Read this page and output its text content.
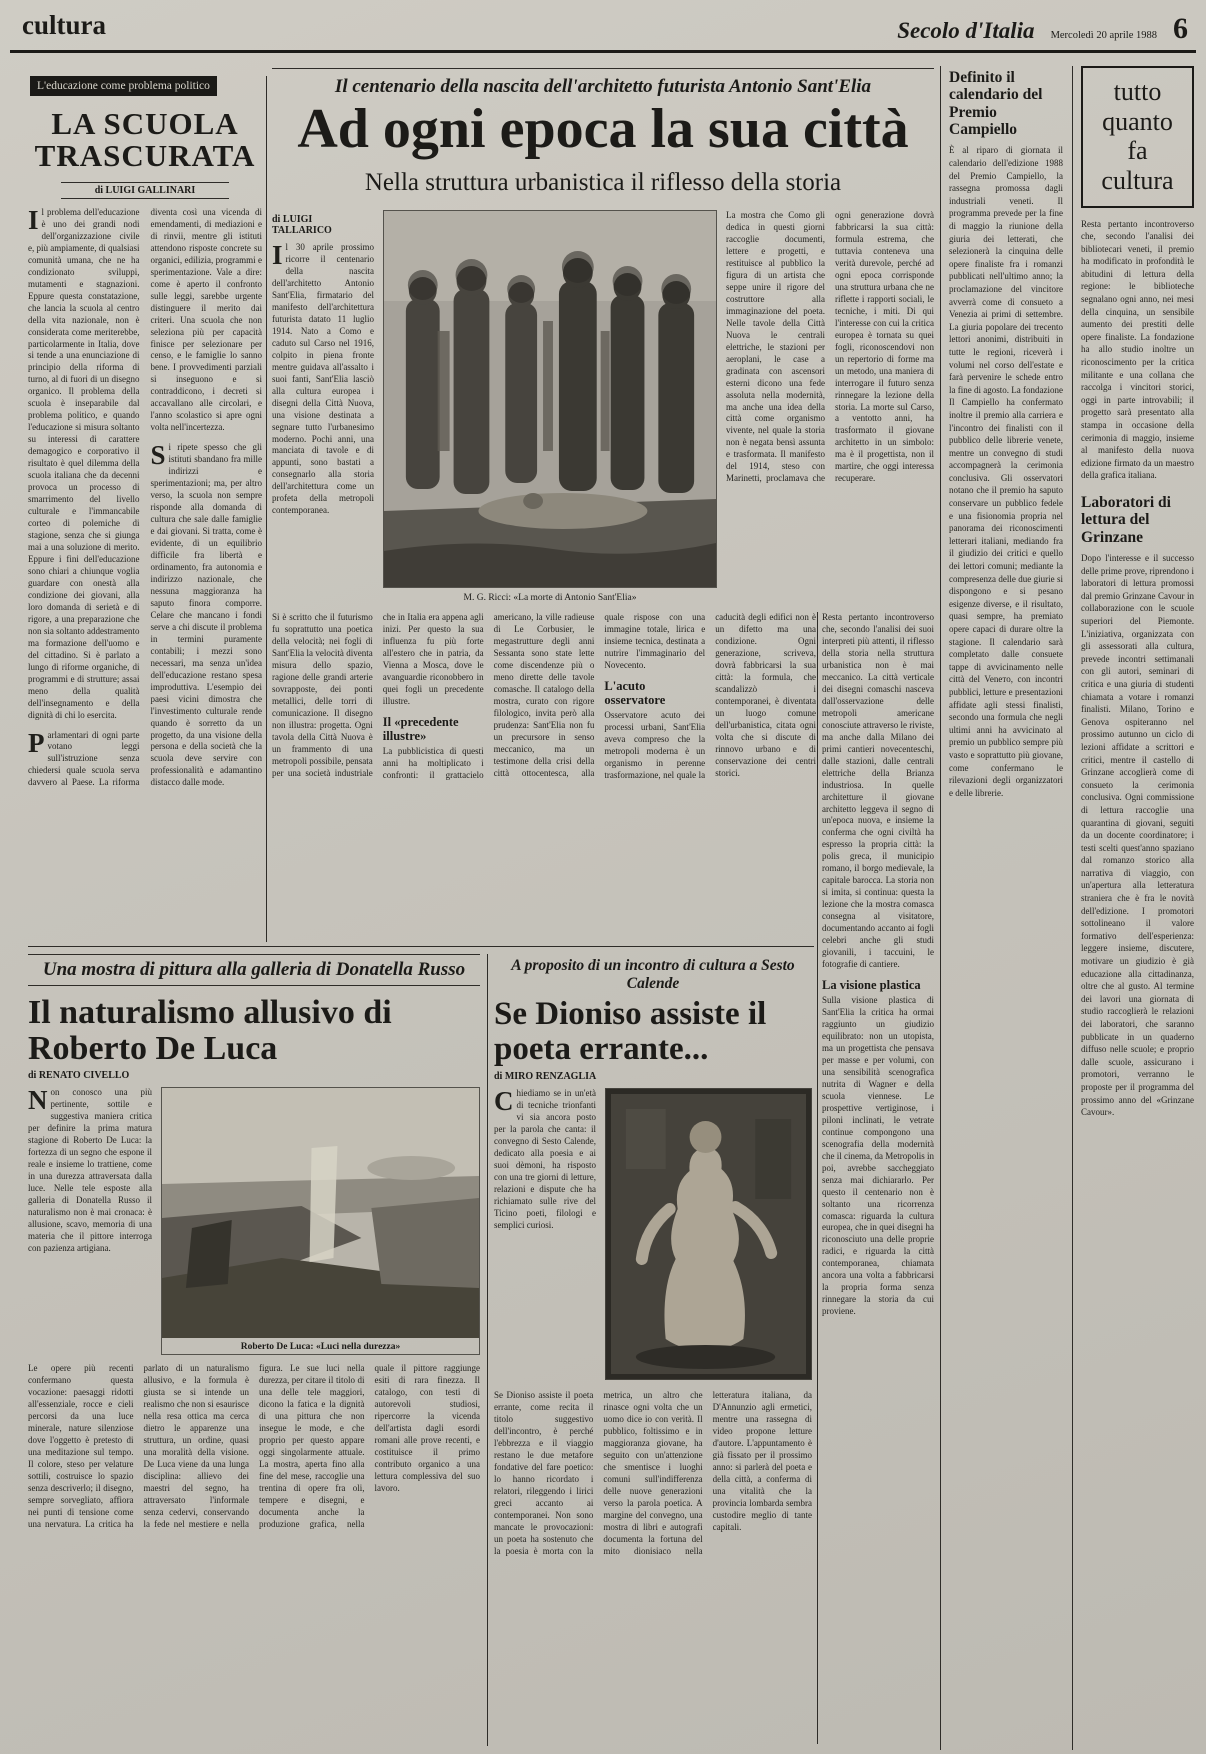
cultura	Secolo d'Italia Mercoledì 20 aprile 1988 6
L'educazione come problema politico
LA SCUOLA TRASCURATA
di LUIGI GALLINARI
Il problema dell'educazione è uno dei grandi nodi dell'organizzazione civile e, più ampiamente, di qualsiasi comunità umana, che ne ha condizionato sviluppi, mutamenti e stagnazioni. Eppure questa constatazione, che lancia la scuola al centro della vita nazionale, non è considerata come meriterebbe, particolarmente in Italia, dove si tende a una enunciazione di principio della riforma di turno, al di fuori di un disegno organico. Il problema della scuola è inseparabile dal problema politico, e quando l'educazione si misura soltanto su interessi di carattere demagogico e corporativo il risultato è quel dilemma della scuola italiana che da decenni provoca un processo di smarrimento del livello culturale e l'immancabile corteo di polemiche di stagione, senza che si giunga mai a una soluzione di merito. Eppure i fini dell'educazione sono chiari a chiunque voglia guardare con onestà alla condizione dei giovani, alla loro domanda di serietà e di rigore, a una preparazione che non sia soltanto addestramento ma formazione dell'uomo e del cittadino. Si è parlato a lungo di riforme organiche, di programmi e di strutture; assai meno della qualità dell'insegnamento e della dignità di chi lo esercita.
Parlamentari di ogni parte votano leggi sull'istruzione senza chiedersi quale scuola serva davvero al Paese. La riforma diventa così una vicenda di emendamenti, di mediazioni e di rinvii, mentre gli istituti attendono risposte concrete su organici, edilizia, programmi e sperimentazione. Vale a dire: come è aperto il confronto sulle leggi, sarebbe urgente distinguere il merito dai criteri. Una scuola che non seleziona più per capacità finisce per selezionare per censo, e le famiglie lo sanno bene. I provvedimenti parziali si inseguono e si contraddicono, i decreti si accavallano alle circolari, e l'anno scolastico si apre ogni volta nell'incertezza.
Si ripete spesso che gli istituti sbandano fra mille indirizzi e sperimentazioni; ma, per altro verso, la scuola non sempre risponde alla domanda di cultura che sale dalle famiglie e dai giovani. Si tratta, come è evidente, di un equilibrio difficile fra libertà e ordinamento, fra autonomia e indirizzo nazionale, che nessuna maggioranza ha saputo finora comporre. Celare che mancano i fondi serve a chi discute il problema in termini puramente contabili; i mezzi sono necessari, ma senza un'idea dell'educazione restano spesa improduttiva. L'esempio dei paesi vicini dimostra che l'investimento culturale rende quando è sorretto da un progetto, da una visione della persona e della società che la scuola deve servire con professionalità e adamantino distacco dalle mode.
Il centenario della nascita dell'architetto futurista Antonio Sant'Elia
Ad ogni epoca la sua città
Nella struttura urbanistica il riflesso della storia
di LUIGI TALLARICO
Il 30 aprile prossimo ricorre il centenario della nascita dell'architetto Antonio Sant'Elia, firmatario del manifesto dell'architettura futurista datato 11 luglio 1914. Nato a Como e caduto sul Carso nel 1916, colpito in piena fronte mentre guidava all'assalto i suoi fanti, Sant'Elia lasciò alla cultura europea i disegni della Città Nuova, una visione destinata a segnare tutto l'urbanesimo moderno. Pochi anni, una manciata di tavole e di appunti, sono bastati a consegnarlo alla storia dell'architettura come un profeta della metropoli contemporanea.
La mostra che Como gli dedica in questi giorni raccoglie documenti, lettere e progetti, e restituisce al pubblico la figura di un artista che seppe unire il rigore del costruttore alla immaginazione del poeta. Nelle tavole della Città Nuova le centrali elettriche, le stazioni per aeroplani, le case a gradinata con ascensori esterni dicono una fede assoluta nella modernità, ma anche una idea della città come organismo vivente, nel quale la storia non è negata bensì assunta e trasformata. Il manifesto del 1914, steso con Marinetti, proclamava che ogni generazione dovrà fabbricarsi la sua città: formula estrema, che tuttavia conteneva una verità durevole, perché ad ogni epoca corrisponde una struttura urbana che ne riflette i rapporti sociali, le tecniche, i miti. Di qui l'interesse con cui la critica europea è tornata su quei fogli, riconoscendovi non un repertorio di forme ma un metodo, una maniera di interrogare il futuro senza rinnegare la lezione della storia. La morte sul Carso, a ventotto anni, ha trasformato il giovane architetto in un simbolo: ma è il progettista, non il martire, che oggi interessa recuperare.
M. G. Ricci: «La morte di Antonio Sant'Elia»
Si è scritto che il futurismo fu soprattutto una poetica della velocità; nei fogli di Sant'Elia la velocità diventa misura dello spazio, ragione delle grandi arterie sovrapposte, dei ponti metallici, delle torri di comunicazione. Il disegno non illustra: progetta. Ogni tavola della Città Nuova è un frammento di una metropoli possibile, pensata per una società industriale che in Italia era appena agli inizi. Per questo la sua influenza fu più forte all'estero che in patria, da Vienna a Mosca, dove le avanguardie riconobbero in quei fogli un precedente illustre.
Il «precedente illustre»
La pubblicistica di questi anni ha moltiplicato i confronti: il grattacielo americano, la ville radieuse di Le Corbusier, le megastrutture degli anni Sessanta sono state lette come discendenze più o meno dirette delle tavole comasche. Il catalogo della mostra, curato con rigore filologico, invita però alla prudenza: Sant'Elia non fu un precursore in senso meccanico, ma un testimone della crisi della città ottocentesca, alla quale rispose con una immagine totale, lirica e insieme tecnica, destinata a nutrire l'immaginario del Novecento.
L'acuto osservatore
Osservatore acuto dei processi urbani, Sant'Elia aveva compreso che la metropoli moderna è un organismo in perenne trasformazione, nel quale la caducità degli edifici non è un difetto ma una condizione. Ogni generazione, scriveva, dovrà fabbricarsi la sua città: la formula, che scandalizzò i contemporanei, è diventata un luogo comune dell'urbanistica, citata ogni volta che si discute di rinnovo urbano e di conservazione dei centri storici.
Resta pertanto incontroverso che, secondo l'analisi dei suoi interpreti più attenti, il riflesso della storia nella struttura urbanistica non è mai meccanico. La città verticale dei disegni comaschi nasceva dall'osservazione delle metropoli americane conosciute attraverso le riviste, ma anche dalla Milano dei primi cantieri novecenteschi, dalle stazioni, dalle centrali elettriche della Brianza industriosa. In quelle architetture il giovane architetto leggeva il segno di un'epoca nuova, e insieme la conferma che ogni civiltà ha espresso la propria città: la polis greca, il municipio romano, il borgo medievale, la capitale barocca. La storia non si imita, si continua: questa la lezione che la mostra comasca consegna al visitatore, documentando accanto ai fogli celebri anche gli studi giovanili, i taccuini, le fotografie di cantiere.
La visione plastica
Sulla visione plastica di Sant'Elia la critica ha ormai raggiunto un giudizio equilibrato: non un utopista, ma un progettista che pensava per masse e per volumi, con una sensibilità scenografica nutrita di Wagner e della scuola viennese. Le prospettive vertiginose, i piloni inclinati, le vetrate continue compongono una scenografia della modernità che il cinema, da Metropolis in poi, avrebbe saccheggiato senza mai dichiararlo. Per questo il centenario non è soltanto una ricorrenza comasca: riguarda la cultura europea, che in quei disegni ha riconosciuto una delle proprie radici, e riguarda la città contemporanea, chiamata ancora una volta a fabbricarsi la propria forma senza rinnegare la storia da cui proviene.
Una mostra di pittura alla galleria di Donatella Russo
Il naturalismo allusivo di Roberto De Luca
di RENATO CIVELLO
Non conosco una più pertinente, sottile e suggestiva maniera critica per definire la prima matura stagione di Roberto De Luca: la fortezza di un segno che espone il reale e insieme lo trattiene, come in una durezza attraversata dalla luce. Nelle tele esposte alla galleria di Donatella Russo il naturalismo non è mai cronaca: è allusione, scavo, memoria di una materia che il pittore interroga con pazienza artigiana.
Roberto De Luca: «Luci nella durezza»
Le opere più recenti confermano questa vocazione: paesaggi ridotti all'essenziale, rocce e cieli percorsi da una luce minerale, nature silenziose dove l'oggetto è pretesto di una meditazione sul tempo. Il colore, steso per velature sottili, costruisce lo spazio senza descriverlo; il disegno, sempre sorvegliato, affiora nei punti di tensione come una nervatura. La critica ha parlato di un naturalismo allusivo, e la formula è giusta se si intende un realismo che non si esaurisce nella resa ottica ma cerca dietro le apparenze una struttura, un ordine, quasi una moralità della visione. De Luca viene da una lunga disciplina: allievo dei maestri del segno, ha attraversato l'informale senza cedervi, conservando la fede nel mestiere e nella figura. Le sue luci nella durezza, per citare il titolo di una delle tele maggiori, dicono la fatica e la dignità di una pittura che non insegue le mode, e che proprio per questo appare oggi singolarmente attuale. La mostra, aperta fino alla fine del mese, raccoglie una trentina di opere fra oli, tempere e disegni, e documenta anche la produzione grafica, nella quale il pittore raggiunge esiti di rara finezza. Il catalogo, con testi di autorevoli studiosi, ripercorre la vicenda dell'artista dagli esordi romani alle prove recenti, e costituisce il primo contributo organico a una lettura complessiva del suo lavoro.
A proposito di un incontro di cultura a Sesto Calende
Se Dioniso assiste il poeta errante...
di MIRO RENZAGLIA
Chiediamo se in un'età di tecniche trionfanti vi sia ancora posto per la parola che canta: il convegno di Sesto Calende, dedicato alla poesia e ai suoi dèmoni, ha risposto con una tre giorni di letture, relazioni e dispute che ha richiamato sulle rive del Ticino poeti, filologi e semplici curiosi.
Se Dioniso assiste il poeta errante, come recita il titolo suggestivo dell'incontro, è perché l'ebbrezza e il viaggio restano le due metafore fondative del fare poetico: lo hanno ricordato i relatori, rileggendo i lirici greci accanto ai contemporanei. Non sono mancate le provocazioni: un poeta ha sostenuto che la poesia è morta con la metrica, un altro che rinasce ogni volta che un uomo dice io con verità. Il pubblico, foltissimo e in maggioranza giovane, ha seguito con un'attenzione che smentisce i luoghi comuni sull'indifferenza delle nuove generazioni verso la parola poetica. A margine del convegno, una mostra di libri e autografi documenta la fortuna del mito dionisiaco nella letteratura italiana, da D'Annunzio agli ermetici, mentre una rassegna di video propone letture d'autore. L'appuntamento è già fissato per il prossimo anno: si parlerà del poeta e della città, a conferma di una vitalità che la provincia lombarda sembra custodire meglio di tante capitali.
Definito il calendario del Premio Campiello
È al riparo di giornata il calendario dell'edizione 1988 del Premio Campiello, la rassegna promossa dagli industriali veneti. Il programma prevede per la fine di maggio la riunione della giuria dei letterati, che selezionerà la cinquina delle opere finaliste fra i romanzi pubblicati nell'ultimo anno; la proclamazione del vincitore avverrà come di consueto a Venezia ai primi di settembre. La giuria popolare dei trecento lettori anonimi, distribuiti in tutte le regioni, riceverà i volumi nel corso dell'estate e farà pervenire le schede entro la fine di agosto. La fondazione Il Campiello ha confermato inoltre il premio alla carriera e l'incontro dei finalisti con il pubblico delle librerie venete, mentre un convegno di studi accompagnerà la cerimonia conclusiva. Gli osservatori notano che il premio ha saputo conservare un pubblico fedele e una fisionomia propria nel panorama dei riconoscimenti letterari italiani, mediando fra il giudizio dei critici e quello dei lettori comuni; mediante la compresenza delle due giurie si dispongono e si pesano esigenze diverse, e il risultato, quasi sempre, ha premiato opere capaci di durare oltre la stagione. Il calendario sarà completato dalle consuete tappe di avvicinamento nelle città del Venето, con incontri pubblici, letture e presentazioni affidate agli stessi finalisti, secondo una formula che negli ultimi anni ha avvicinato al premio un pubblico sempre più vasto e soprattutto più giovane, come confermano le rilevazioni degli organizzatori e delle librerie.
tutto
quanto
fa
cultura
Resta pertanto incontroverso che, secondo l'analisi dei bibliotecari veneti, il premio ha modificato in profondità le abitudini di lettura della regione: le biblioteche segnalano ogni anno, nei mesi della cinquina, un sensibile aumento dei prestiti delle opere finaliste. La fondazione ha allo studio inoltre un riconoscimento per la critica militante e una collana che raccolga i vincitori storici, oggi in parte introvabili; il progetto sarà presentato alla stampa in occasione della cerimonia di maggio, insieme al manifesto della nuova edizione firmato da un maestro della grafica italiana.
Laboratori di lettura del Grinzane
Dopo l'interesse e il successo delle prime prove, riprendono i laboratori di lettura promossi dal premio Grinzane Cavour in collaborazione con le scuole superiori del Piemonte. L'iniziativa, organizzata con gli assessorati alla cultura, prevede incontri settimanali con gli autori, seminari di critica e una giuria di studenti chiamata a votare i romanzi finalisti. Milano, Torino e Genova ospiteranno nel prossimo autunno un ciclo di lezioni affidate a scrittori e critici, mentre il castello di Grinzane accoglierà come di consueto la cerimonia conclusiva. Ogni commissione di lettura raccoglie una quarantina di giovani, seguiti da un docente coordinatore; i testi scelti quest'anno spaziano dal romanzo storico alla narrativa di viaggio, con un'apertura alla letteratura straniera che è fra le novità dell'edizione. I promotori sottolineano il valore formativo dell'esperienza: leggere insieme, discutere, motivare un giudizio è già educazione alla cittadinanza, oltre che al gusto. Al termine dei lavori una giornata di studio raccoglierà le relazioni dei laboratori, che saranno pubblicate in un quaderno diffuso nelle scuole; e proprio dalle scuole, assicurano i promotori, verranno le proposte per il programma del prossimo anno del «Grinzane Cavour».
